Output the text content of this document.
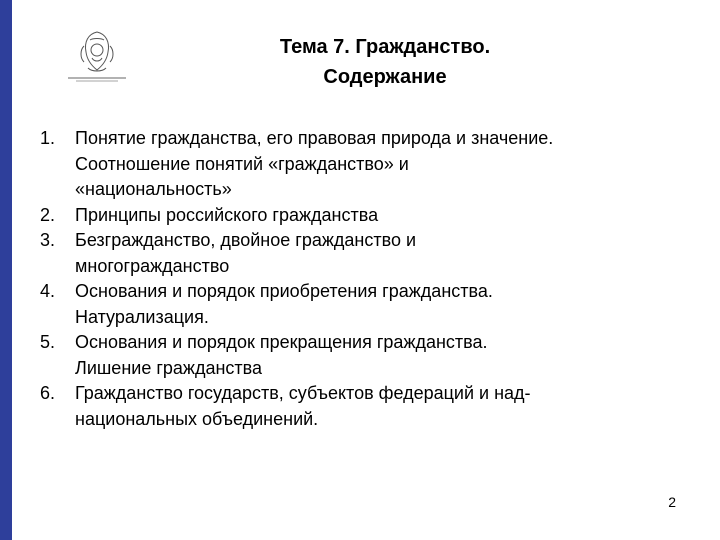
Тема 7. Гражданство.
Содержание
1.	Понятие гражданства, его правовая природа и значение.
Соотношение понятий «гражданство» и
«национальность»
2.	Принципы российского гражданства
3.	Безгражданство, двойное гражданство и
многогражданство
4.	Основания и порядок приобретения гражданства.
Натурализация.
5.	Основания и порядок прекращения гражданства.
Лишение гражданства
6.	Гражданство государств, субъектов федераций и над-
национальных объединений.
2
